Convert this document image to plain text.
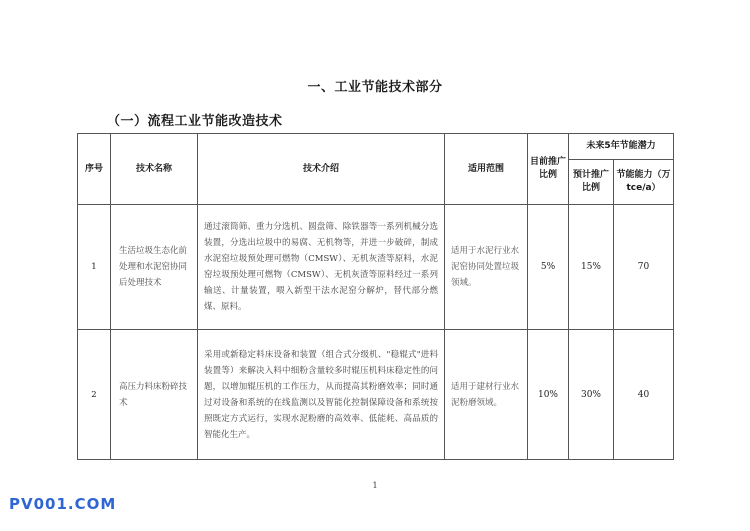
一、工业节能技术部分
（一）流程工业节能改造技术
序号	技术名称	技术介绍	适用范围	目前推广比例	未来5年节能潜力	
					预计推广比例	节能能力（万 tce/a）
1	生活垃圾生态化前处理和水泥窑协同后处理技术	通过滚筒筛、重力分选机、圆盘筛、除铁器等一系列机械分选装置，分选出垃圾中的易腐、无机物等，并进一步破碎，制成水泥窑垃圾预处理可燃物（CMSW）、无机灰渣等原料，水泥窑垃圾预处理可燃物（CMSW）、无机灰渣等原料经过一系列输送、计量装置，喂入新型干法水泥窑分解炉，替代部分燃煤、原料。	适用于水泥行业水泥窑协同处置垃圾领域。	5%	15%	70
2	高压力料床粉碎技术	采用或新稳定料床设备和装置（组合式分级机、"稳辊式"进料装置等）来解决入料中细粉含量较多时辊压机料床稳定性的问题，以增加辊压机的工作压力，从而提高其粉磨效率；同时通过对设备和系统的在线监测以及智能化控制保障设备和系统按照既定方式运行，实现水泥粉磨的高效率、低能耗、高品质的智能化生产。	适用于建材行业水泥粉磨领域。	10%	30%	40
1
PV001.COM
